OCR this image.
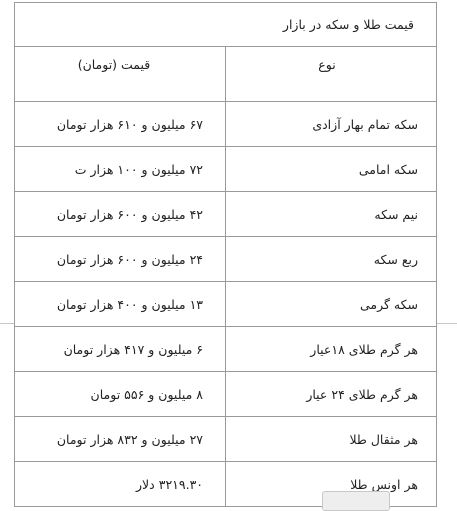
قیمت طلا و سکه در بازار	
نوع	قیمت (تومان)
سکه تمام بهار آزادی	۶۷ میلیون و ۶۱۰ هزار تومان
سکه امامی	۷۲ میلیون و ۱۰۰ هزار ت
نیم سکه	۴۲ میلیون و ۶۰۰ هزار تومان
ربع سکه	۲۴ میلیون و ۶۰۰ هزار تومان
سکه گرمی	۱۳ میلیون و ۴۰۰ هزار تومان
هر گرم طلای ۱۸عیار	۶ میلیون و ۴۱۷ هزار تومان
هر گرم طلای ۲۴ عیار	۸ میلیون و ۵۵۶ تومان
هر مثقال طلا	۲۷ میلیون و ۸۳۲ هزار تومان
هر اونس طلا	۳۲۱۹.۳۰ دلار
